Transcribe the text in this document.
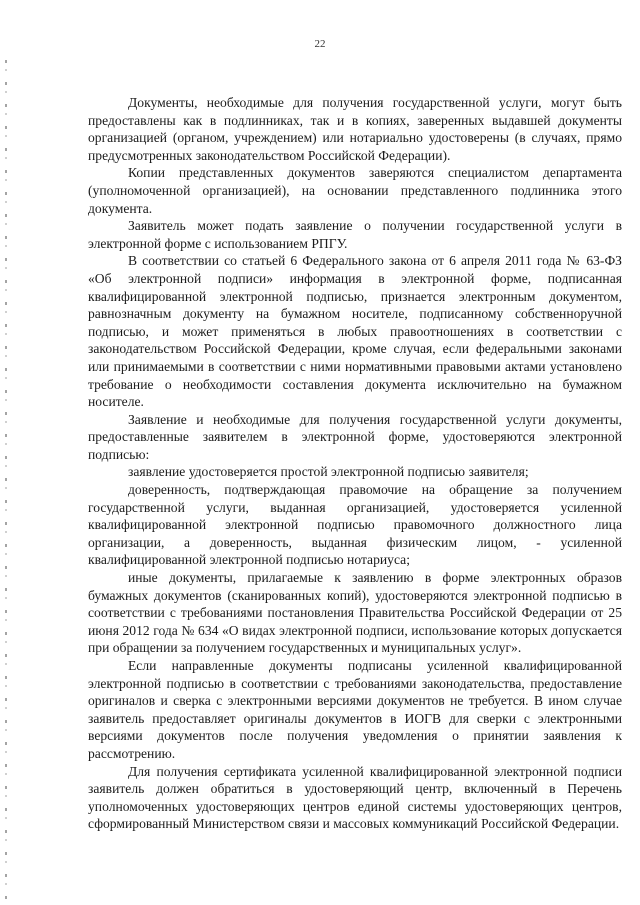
22

Документы, необходимые для получения государственной услуги, могут быть предоставлены как в подлинниках, так и в копиях, заверенных выдавшей документы организацией (органом, учреждением) или нотариально удостоверены (в случаях, прямо предусмотренных законодательством Российской Федерации).

Копии представленных документов заверяются специалистом департамента (уполномоченной организацией), на основании представленного подлинника этого документа.

Заявитель может подать заявление о получении государственной услуги в электронной форме с использованием РПГУ.

В соответствии со статьей 6 Федерального закона от 6 апреля 2011 года № 63-ФЗ «Об электронной подписи» информация в электронной форме, подписанная квалифицированной электронной подписью, признается электронным документом, равнозначным документу на бумажном носителе, подписанному собственноручной подписью, и может применяться в любых правоотношениях в соответствии с законодательством Российской Федерации, кроме случая, если федеральными законами или принимаемыми в соответствии с ними нормативными правовыми актами установлено требование о необходимости составления документа исключительно на бумажном носителе.

Заявление и необходимые для получения государственной услуги документы, предоставленные заявителем в электронной форме, удостоверяются электронной подписью:

заявление удостоверяется простой электронной подписью заявителя;

доверенность, подтверждающая правомочие на обращение за получением государственной услуги, выданная организацией, удостоверяется усиленной квалифицированной электронной подписью правомочного должностного лица организации, а доверенность, выданная физическим лицом, - усиленной квалифицированной электронной подписью нотариуса;

иные документы, прилагаемые к заявлению в форме электронных образов бумажных документов (сканированных копий), удостоверяются электронной подписью в соответствии с требованиями постановления Правительства Российской Федерации от 25 июня 2012 года № 634 «О видах электронной подписи, использование которых допускается при обращении за получением государственных и муниципальных услуг».

Если направленные документы подписаны усиленной квалифицированной электронной подписью в соответствии с требованиями законодательства, предоставление оригиналов и сверка с электронными версиями документов не требуется. В ином случае заявитель предоставляет оригиналы документов в ИОГВ для сверки с электронными версиями документов после получения уведомления о принятии заявления к рассмотрению.

Для получения сертификата усиленной квалифицированной электронной подписи заявитель должен обратиться в удостоверяющий центр, включенный в Перечень уполномоченных удостоверяющих центров единой системы удостоверяющих центров, сформированный Министерством связи и массовых коммуникаций Российской Федерации.
